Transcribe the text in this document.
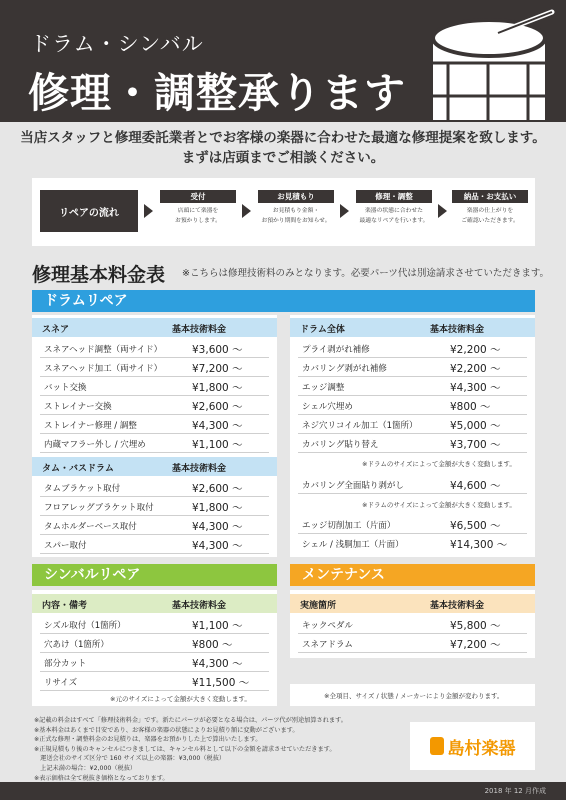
ドラム・シンバル
修理・調整承ります
当店スタッフと修理委託業者とでお客様の楽器に合わせた最適な修理提案を致します。
まずは店頭までご相談ください。
リペアの流れ
受付
店頭にて楽器を
お預かりします。
お見積もり
お見積もり金額・
お預かり期間をお知らせ。
修理・調整
楽器の状態に合わせた
最適なリペアを行います。
納品・お支払い
楽器の仕上がりを
ご確認いただきます。
修理基本料金表 ※こちらは修理技術料のみとなります。必要パーツ代は別途請求させていただきます。
ドラムリペア
スネア	基本技術料金
スネアヘッド調整（両サイド）	¥3,600 ～
スネアヘッド加工（両サイド）	¥7,200 ～
バット交換	¥1,800 ～
ストレイナー交換	¥2,600 ～
ストレイナー修理 / 調整	¥4,300 ～
内蔵マフラー外し / 穴埋め	¥1,100 ～
タム・バスドラム	基本技術料金
タムブラケット取付	¥2,600 ～
フロアレッグブラケット取付	¥1,800 ～
タムホルダーベース取付	¥4,300 ～
スパー取付	¥4,300 ～
ドラム全体	基本技術料金
プライ剥がれ補修	¥2,200 ～
カバリング剥がれ補修	¥2,200 ～
エッジ調整	¥4,300 ～
シェル穴埋め	¥800 ～
ネジ穴リコイル加工（1箇所）	¥5,000 ～
カバリング貼り替え	¥3,700 ～
※ドラムのサイズによって金額が大きく変動します。
カバリング全面貼り剥がし	¥4,600 ～
※ドラムのサイズによって金額が大きく変動します。
エッジ切削加工（片面）	¥6,500 ～
シェル / 浅胴加工（片面）	¥14,300 ～
シンバルリペア	メンテナンス
内容・備考	基本技術料金
シズル取付（1箇所）	¥1,100 ～
穴あけ（1箇所）	¥800 ～
部分カット	¥4,300 ～
リサイズ	¥11,500 ～
※元のサイズによって金額が大きく変動します。
実施箇所	基本技術料金
キックペダル	¥5,800 ～
スネアドラム	¥7,200 ～
※全項目、サイズ / 状態 / メーカーにより金額が変わります。
※記載の料金はすべて「修理技術料金」です。新たにパーツが必要となる場合は、パーツ代が別途加算されます。
※基本料金はあくまで目安であり、お客様の楽器の状態によりお見積り額に変動がございます。
※正式な修理・調整料金のお見積りは、楽器をお預かりした上で算出いたします。
※正規見積もり後のキャンセルにつきましては、キャンセル料として以下の金額を請求させていただきます。
　運送会社のサイズ区分で 160 サイズ以上の楽器：¥3,000（税抜）
　上記未満の場合：¥2,000（税抜）
※表示価格は全て税抜き価格となっております。
島村楽器
2018 年 12 月作成
